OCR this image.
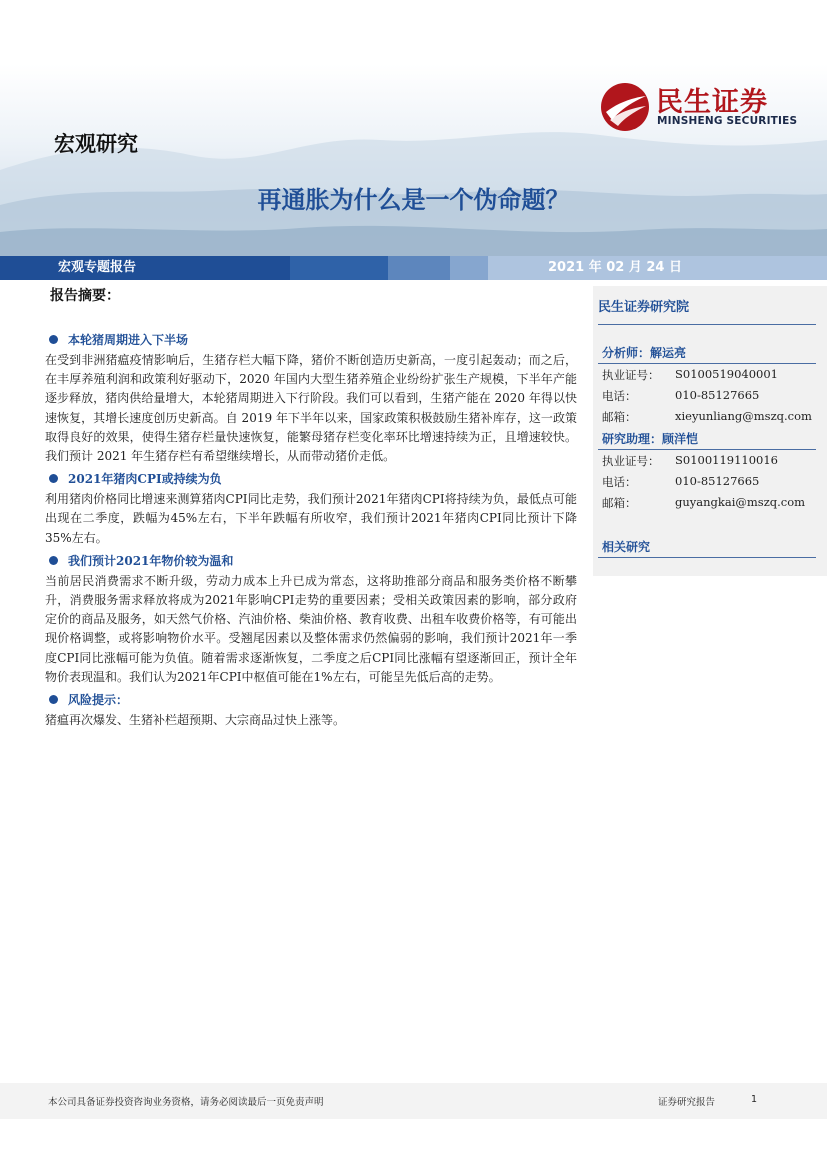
宏观研究
民生证券
MINSHENG SECURITIES
再通胀为什么是一个伪命题？
宏观专题报告	2021 年 02 月 24 日
报告摘要：
本轮猪周期进入下半场
在受到非洲猪瘟疫情影响后，生猪存栏大幅下降，猪价不断创造历史新高，一度引起轰动；而之后，在丰厚养殖利润和政策利好驱动下，2020 年国内大型生猪养殖企业纷纷扩张生产规模，下半年产能逐步释放，猪肉供给量增大，本轮猪周期进入下行阶段。我们可以看到，生猪产能在 2020 年得以快速恢复，其增长速度创历史新高。自 2019 年下半年以来，国家政策积极鼓励生猪补库存，这一政策取得良好的效果，使得生猪存栏量快速恢复，能繁母猪存栏变化率环比增速持续为正，且增速较快。我们预计 2021 年生猪存栏有希望继续增长，从而带动猪价走低。
2021年猪肉CPI或持续为负
利用猪肉价格同比增速来测算猪肉CPI同比走势，我们预计2021年猪肉CPI将持续为负，最低点可能出现在二季度，跌幅为45%左右，下半年跌幅有所收窄，我们预计2021年猪肉CPI同比预计下降35%左右。
我们预计2021年物价较为温和
当前居民消费需求不断升级，劳动力成本上升已成为常态，这将助推部分商品和服务类价格不断攀升，消费服务需求释放将成为2021年影响CPI走势的重要因素；受相关政策因素的影响，部分政府定价的商品及服务，如天然气价格、汽油价格、柴油价格、教育收费、出租车收费价格等，有可能出现价格调整，或将影响物价水平。受翘尾因素以及整体需求仍然偏弱的影响，我们预计2021年一季度CPI同比涨幅可能为负值。随着需求逐渐恢复，二季度之后CPI同比涨幅有望逐渐回正，预计全年物价表现温和。我们认为2021年CPI中枢值可能在1%左右，可能呈先低后高的走势。
风险提示：
猪瘟再次爆发、生猪补栏超预期、大宗商品过快上涨等。
民生证券研究院
分析师：解运亮
执业证号： S0100519040001
电话：	010-85127665
邮箱：	xieyunliang@mszq.com
研究助理：顾洋恺
执业证号： S0100119110016
电话：	010-85127665
邮箱：	guyangkai@mszq.com
相关研究
本公司具备证券投资咨询业务资格，请务必阅读最后一页免责声明	证券研究报告	1
